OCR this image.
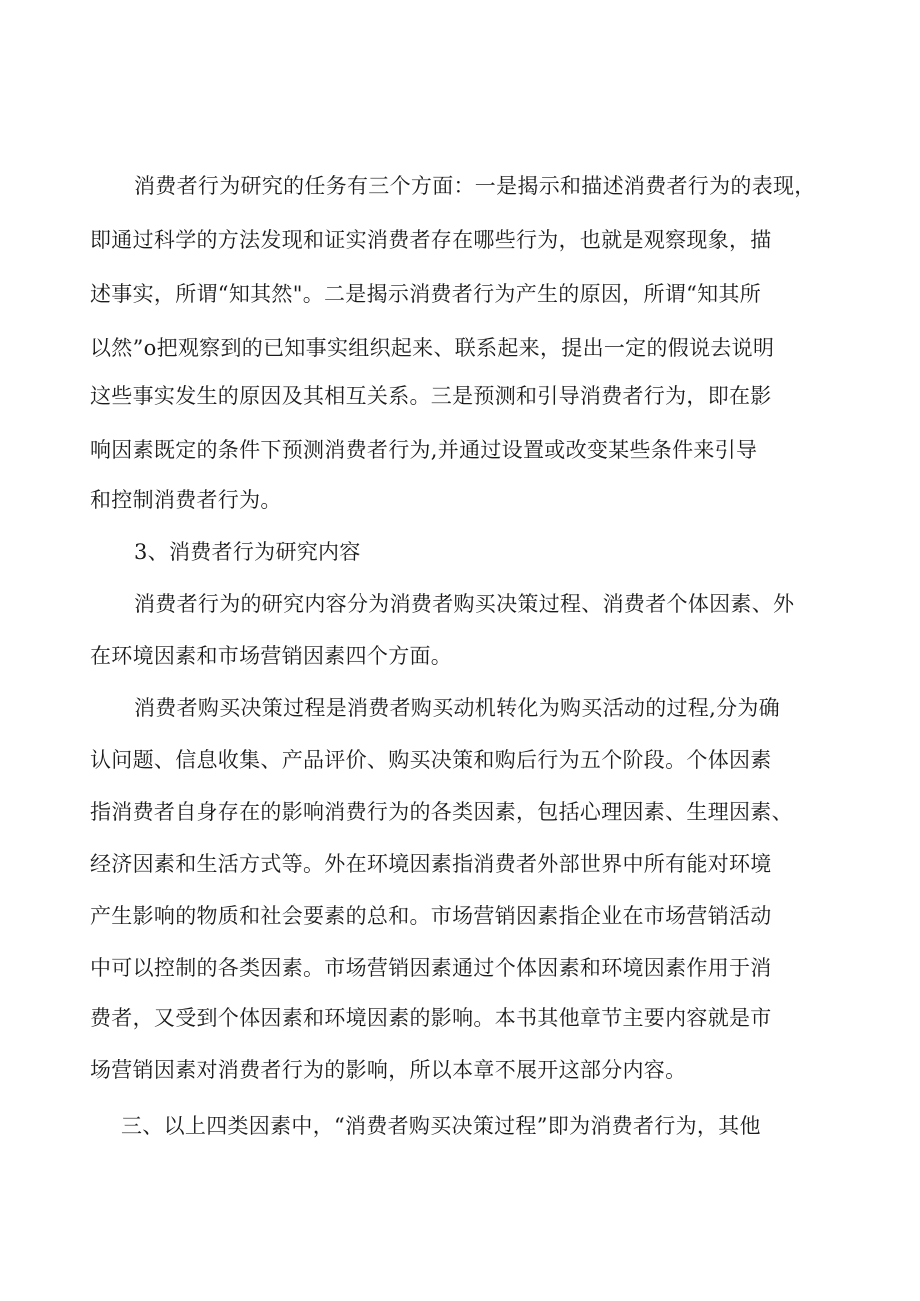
消费者行为研究的任务有三个方面：一是揭示和描述消费者行为的表现，

即通过科学的方法发现和证实消费者存在哪些行为，也就是观察现象，描

述事实，所谓“知其然"。二是揭示消费者行为产生的原因，所谓“知其所

以然”o把观察到的已知事实组织起来、联系起来，提出一定的假说去说明

这些事实发生的原因及其相互关系。三是预测和引导消费者行为，即在影

响因素既定的条件下预测消费者行为,并通过设置或改变某些条件来引导

和控制消费者行为。

3、消费者行为研究内容

消费者行为的研究内容分为消费者购买决策过程、消费者个体因素、外

在环境因素和市场营销因素四个方面。

消费者购买决策过程是消费者购买动机转化为购买活动的过程,分为确

认问题、信息收集、产品评价、购买决策和购后行为五个阶段。个体因素

指消费者自身存在的影响消费行为的各类因素，包括心理因素、生理因素、

经济因素和生活方式等。外在环境因素指消费者外部世界中所有能对环境

产生影响的物质和社会要素的总和。市场营销因素指企业在市场营销活动

中可以控制的各类因素。市场营销因素通过个体因素和环境因素作用于消

费者，又受到个体因素和环境因素的影响。本书其他章节主要内容就是市

场营销因素对消费者行为的影响，所以本章不展开这部分内容。

三、以上四类因素中，“消费者购买决策过程”即为消费者行为，其他
